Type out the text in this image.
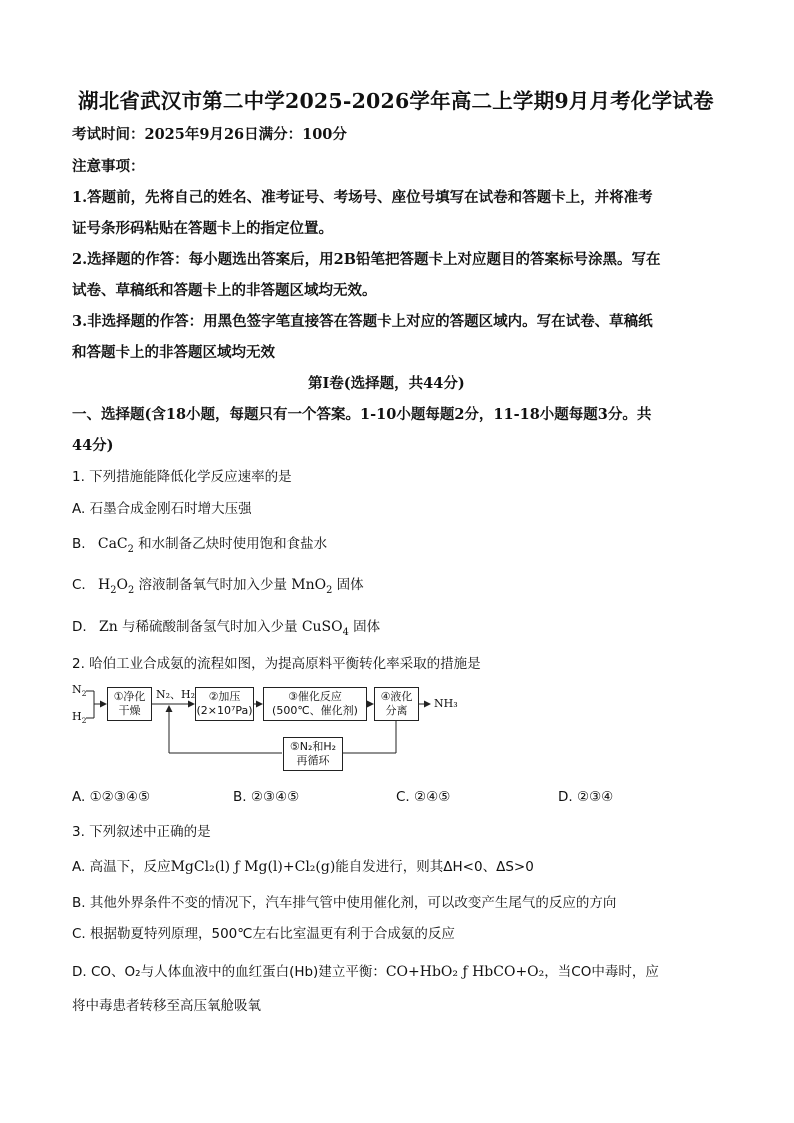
湖北省武汉市第二中学2025-2026学年高二上学期9月月考化学试卷
考试时间：2025年9月26日满分：100分
注意事项：
1.答题前，先将自己的姓名、准考证号、考场号、座位号填写在试卷和答题卡上，并将准考
证号条形码粘贴在答题卡上的指定位置。
2.选择题的作答：每小题选出答案后，用2B铅笔把答题卡上对应题目的答案标号涂黑。写在
试卷、草稿纸和答题卡上的非答题区域均无效。
3.非选择题的作答：用黑色签字笔直接答在答题卡上对应的答题区域内。写在试卷、草稿纸
和答题卡上的非答题区域均无效
第Ⅰ卷(选择题，共44分)
一、选择题(含18小题，每题只有一个答案。1-10小题每题2分，11-18小题每题3分。共
44分)
1. 下列措施能降低化学反应速率的是
A. 石墨合成金刚石时增大压强
B. CaC$_2$ 和水制备乙炔时使用饱和食盐水
C. $H_2O_2$ 溶液制备氧气时加入少量 MnO$_2$ 固体
D. Zn 与稀硫酸制备氢气时加入少量 CuSO$_4$ 固体
2. 哈伯工业合成氨的流程如图，为提高原料平衡转化率采取的措施是
$N_2$
$H_2$
①净化
干燥
N₂、H₂ ②加压
(2×10⁷Pa)
③催化反应
(500℃、催化剂)
④液化
分离
NH₃
⑤N₂和H₂
再循环
A. ①②③④⑤	B. ②③④⑤	C. ②④⑤	D. ②③④
3. 下列叙述中正确的是
A. 高温下，反应MgCl₂(l) ƒ Mg(l)+Cl₂(g)能自发进行，则其ΔH<0、ΔS>0
B. 其他外界条件不变的情况下，汽车排气管中使用催化剂，可以改变产生尾气的反应的方向
C. 根据勒夏特列原理，500℃左右比室温更有利于合成氨的反应
D. CO、O₂与人体血液中的血红蛋白(Hb)建立平衡：CO+HbO₂ ƒ HbCO+O₂，当CO中毒时，应
将中毒患者转移至高压氧舱吸氧
